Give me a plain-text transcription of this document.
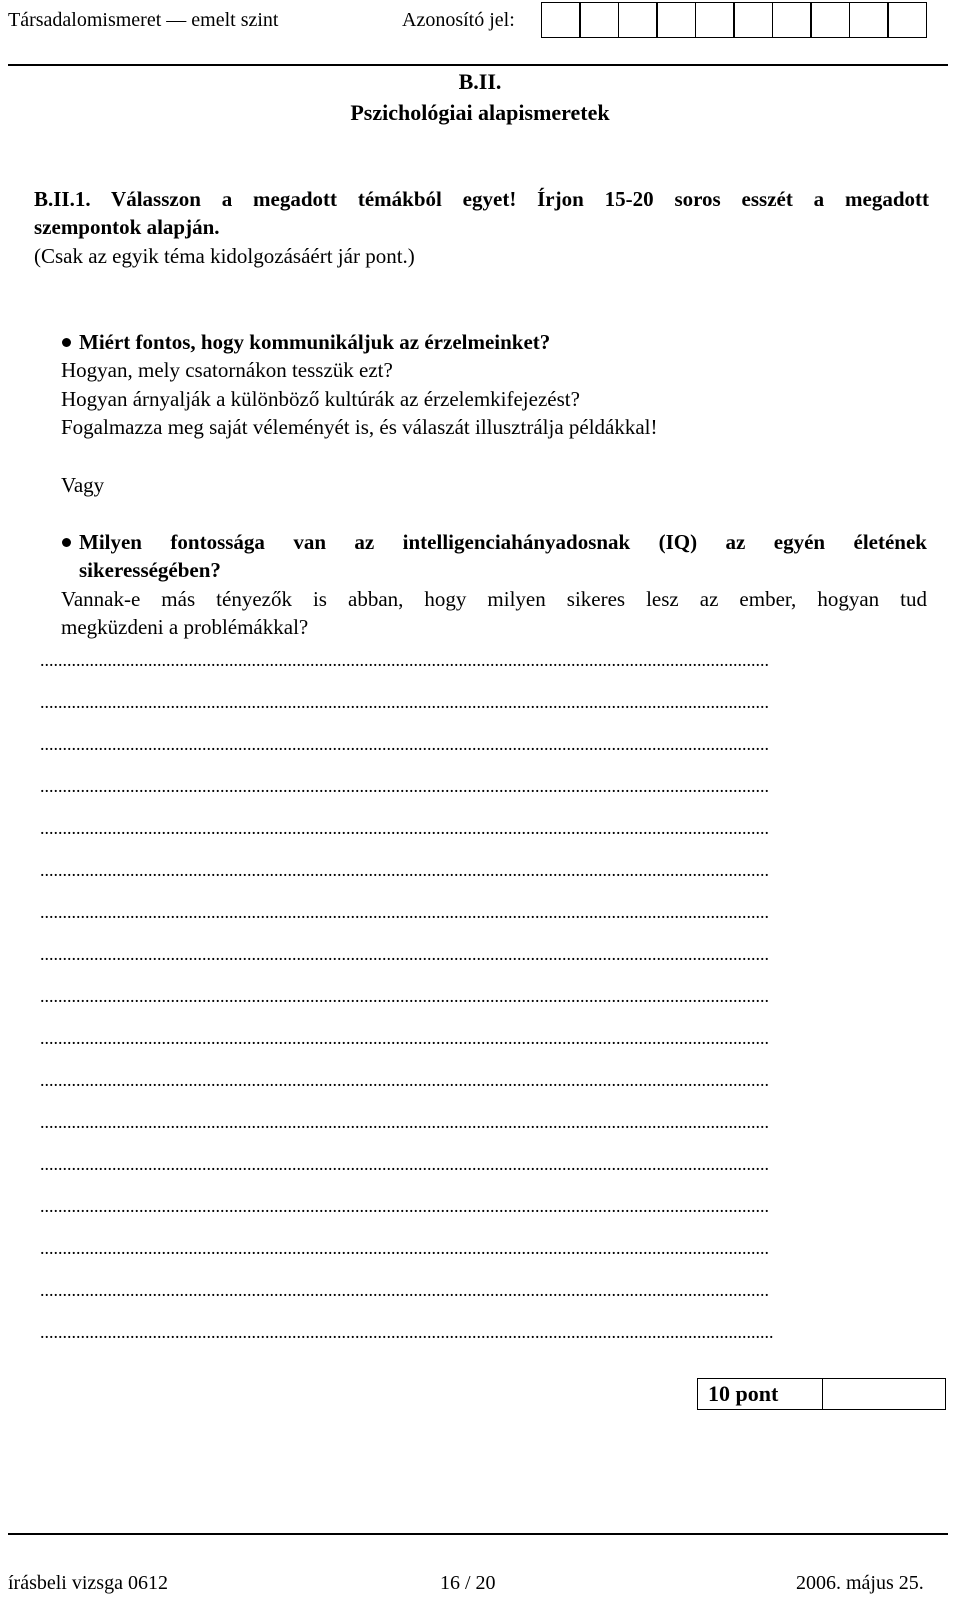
Társadalomismeret — emelt szint	Azonosító jel:
B.II.
Pszichológiai alapismeretek
B.II.1. Válasszon a megadott témákból egyet! Írjon 15-20 soros esszét a megadott
szempontok alapján.
(Csak az egyik téma kidolgozásáért jár pont.)
Miért fontos, hogy kommunikáljuk az érzelmeinket?
Hogyan, mely csatornákon tesszük ezt?
Hogyan árnyalják a különböző kultúrák az érzelemkifejezést?
Fogalmazza meg saját véleményét is, és válaszát illusztrálja példákkal!
Vagy
Milyen fontossága van az intelligenciahányadosnak (IQ) az egyén életének
sikerességében?
Vannak-e más tényezők is abban, hogy milyen sikeres lesz az ember, hogyan tud
megküzdeni a problémákkal?
..................................................................................................................................................................
..................................................................................................................................................................
..................................................................................................................................................................
..................................................................................................................................................................
..................................................................................................................................................................
..................................................................................................................................................................
..................................................................................................................................................................
..................................................................................................................................................................
..................................................................................................................................................................
..................................................................................................................................................................
..................................................................................................................................................................
..................................................................................................................................................................
..................................................................................................................................................................
..................................................................................................................................................................
..................................................................................................................................................................
..................................................................................................................................................................
...................................................................................................................................................................
10 pont
írásbeli vizsga 0612	16 / 20	2006. május 25.
